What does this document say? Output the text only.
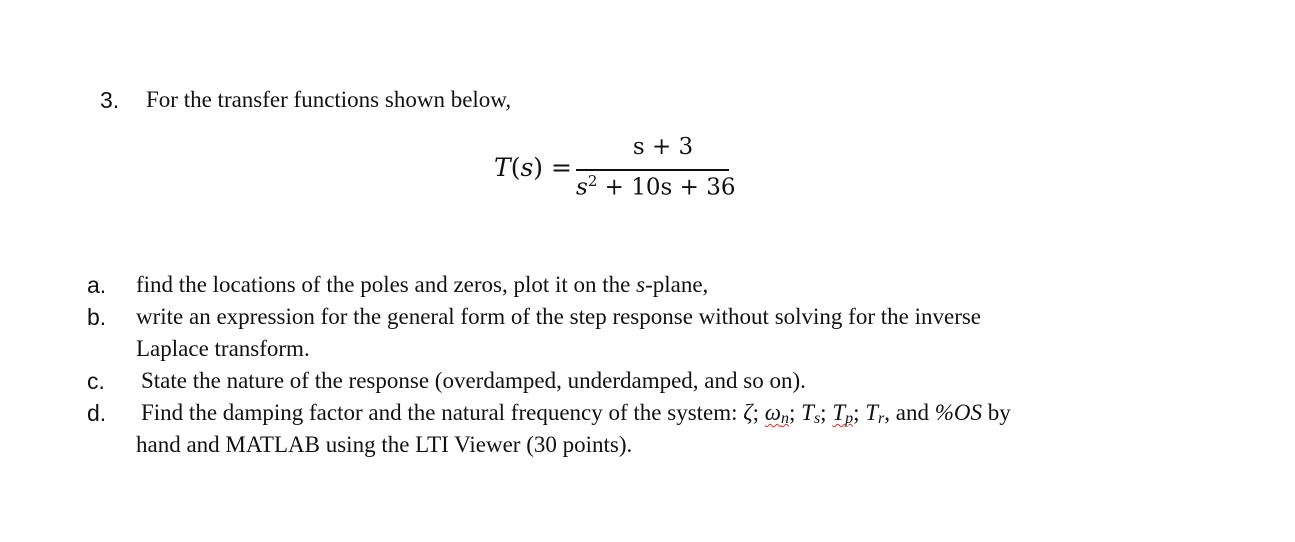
3. For the transfer functions shown below,
T(s) =
s + 3
$s^2 + 10s + 36$
a. find the locations of the poles and zeros, plot it on the s-plane,
b. write an expression for the general form of the step response without solving for the inverse
Laplace transform.
c. State the nature of the response (overdamped, underdamped, and so on).
d. Find the damping factor and the natural frequency of the system: ζ; ωn; Ts; Tp; Tr, and %OS by
hand and MATLAB using the LTI Viewer (30 points).
